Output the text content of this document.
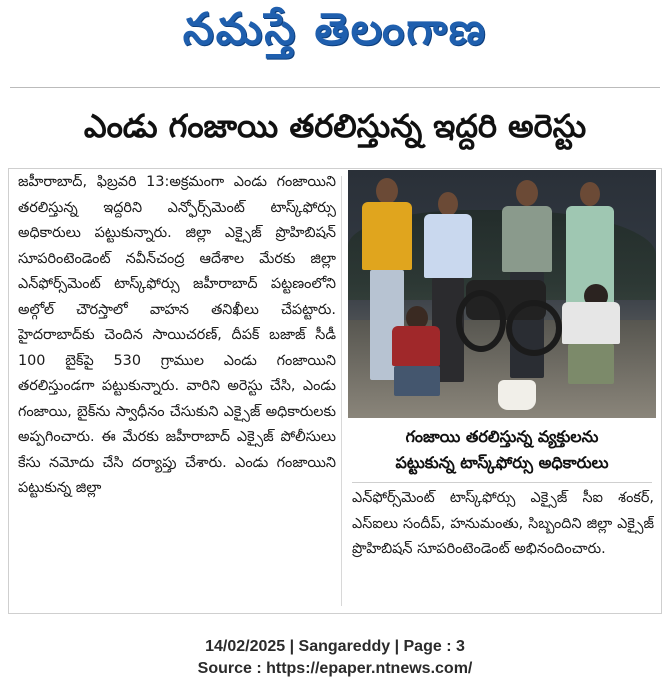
నమస్తే తెలంగాణ
ఎండు గంజాయి తరలిస్తున్న ఇద్దరి అరెస్టు
జహీరాబాద్, ఫిబ్రవరి 13:అక్రమంగా ఎండు గంజాయిని తరలిస్తున్న ఇద్దరిని ఎన్ఫోర్స్‌మెంట్ టాస్క్‌ఫోర్సు అధికారులు పట్టుకున్నారు. జిల్లా ఎక్సైజ్ ప్రొహిబిషన్ సూపరింటెండెంట్ నవీన్‌చంద్ర ఆదేశాల మేరకు జిల్లా ఎన్‌ఫోర్స్‌మెంట్ టాస్క్‌ఫోర్సు జహీరాబాద్ పట్టణంలోని అల్గోల్ చౌరస్తాలో వాహన తనిఖీలు చేపట్టారు. హైదరాబాద్‌కు చెందిన సాయిచరణ్, దీపక్ బజాజ్ సీడీ 100 బైక్‌పై 530 గ్రాముల ఎండు గంజాయిని తరలిస్తుండగా పట్టుకున్నారు. వారిని అరెస్టు చేసి, ఎండు గంజాయి, బైక్‌ను స్వాధీనం చేసుకుని ఎక్సైజ్ అధికారులకు అప్పగించారు. ఈ మేరకు జహీరాబాద్ ఎక్సైజ్ పోలీసులు కేసు నమోదు చేసి దర్యాప్తు చేశారు. ఎండు గంజాయిని పట్టుకున్న జిల్లా
గంజాయి తరలిస్తున్న వ్యక్తులను
పట్టుకున్న టాస్క్‌ఫోర్సు అధికారులు
ఎన్‌ఫోర్స్‌మెంట్ టాస్క్‌ఫోర్సు ఎక్సైజ్ సీఐ శంకర్, ఎస్ఐలు సందీప్, హనుమంతు, సిబ్బందిని జిల్లా ఎక్సైజ్ ప్రొహిబిషన్ సూపరింటెండెంట్ అభినందించారు.
14/02/2025 | Sangareddy | Page : 3
Source : https://epaper.ntnews.com/
